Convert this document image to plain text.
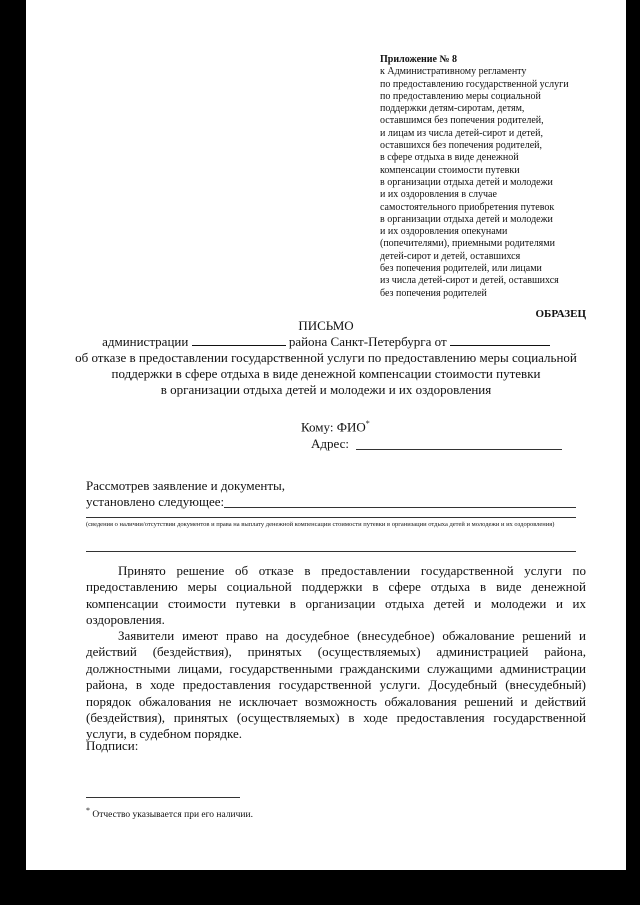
Приложение № 8
к Административному регламенту
по предоставлению государственной услуги
по предоставлению меры социальной
поддержки детям-сиротам, детям,
оставшимся без попечения родителей,
и лицам из числа детей-сирот и детей,
оставшихся без попечения родителей,
в сфере отдыха в виде денежной
компенсации стоимости путевки
в организации отдыха детей и молодежи
и их оздоровления в случае
самостоятельного приобретения путевок
в организации отдыха детей и молодежи
и их оздоровления опекунами
(попечителями), приемными родителями
детей-сирот и детей, оставшихся
без попечения родителей, или лицами
из числа детей-сирот и детей, оставшихся
без попечения родителей
ОБРАЗЕЦ
ПИСЬМО
администрации	района Санкт-Петербурга от
об отказе в предоставлении государственной услуги по предоставлению меры социальной
поддержки в сфере отдыха в виде денежной компенсации стоимости путевки
в организации отдыха детей и молодежи и их оздоровления
Кому: ФИО*
Адрес:
Рассмотрев заявление и документы,
установлено следующее:
(сведения о наличии/отсутствии документов и права на выплату денежной компенсации стоимости путевки в организации отдыха детей и молодежи и их оздоровления)
Принято решение об отказе в предоставлении государственной услуги по предоставлению меры социальной поддержки в сфере отдыха в виде денежной компенсации стоимости путевки в организации отдыха детей и молодежи и их оздоровления.
Заявители имеют право на досудебное (внесудебное) обжалование решений и действий (бездействия), принятых (осуществляемых) администрацией района, должностными лицами, государственными гражданскими служащими администрации района, в ходе предоставления государственной услуги. Досудебный (внесудебный) порядок обжалования не исключает возможность обжалования решений и действий (бездействия), принятых (осуществляемых) в ходе предоставления государственной услуги, в судебном порядке.
Подписи:
* Отчество указывается при его наличии.
